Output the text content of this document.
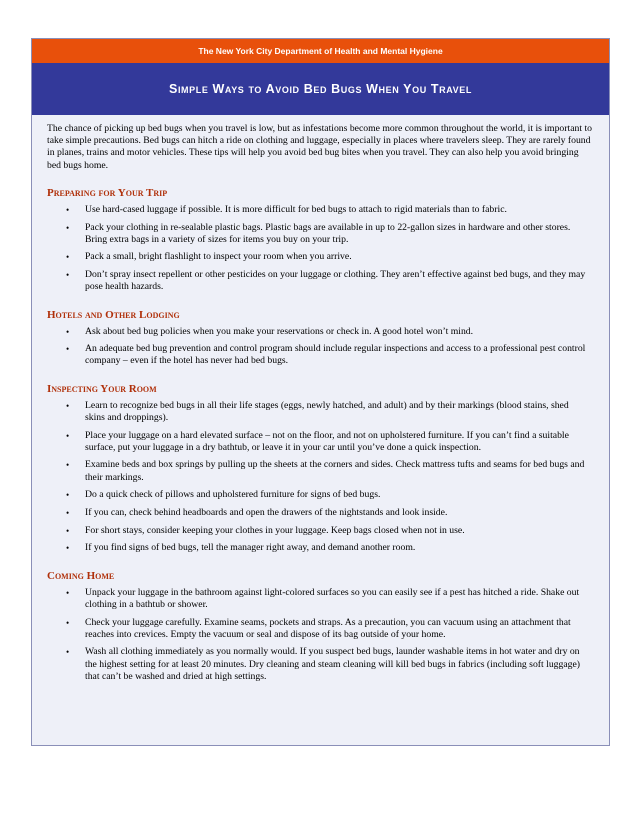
The New York City Department of Health and Mental Hygiene
Simple Ways to Avoid Bed Bugs When You Travel

The chance of picking up bed bugs when you travel is low, but as infestations become more common throughout the world, it is important to take simple precautions. Bed bugs can hitch a ride on clothing and luggage, especially in places where travelers sleep. They are rarely found in planes, trains and motor vehicles. These tips will help you avoid bed bug bites when you travel. They can also help you avoid bringing bed bugs home.

Preparing for Your Trip
• Use hard-cased luggage if possible. It is more difficult for bed bugs to attach to rigid materials than to fabric.
• Pack your clothing in re-sealable plastic bags. Plastic bags are available in up to 22-gallon sizes in hardware and other stores. Bring extra bags in a variety of sizes for items you buy on your trip.
• Pack a small, bright flashlight to inspect your room when you arrive.
• Don’t spray insect repellent or other pesticides on your luggage or clothing. They aren’t effective against bed bugs, and they may pose health hazards.
Hotels and Other Lodging
• Ask about bed bug policies when you make your reservations or check in. A good hotel won’t mind.
• An adequate bed bug prevention and control program should include regular inspections and access to a professional pest control company – even if the hotel has never had bed bugs.
Inspecting Your Room
• Learn to recognize bed bugs in all their life stages (eggs, newly hatched, and adult) and by their markings (blood stains, shed skins and droppings).
• Place your luggage on a hard elevated surface – not on the floor, and not on upholstered furniture. If you can’t find a suitable surface, put your luggage in a dry bathtub, or leave it in your car until you’ve done a quick inspection.
• Examine beds and box springs by pulling up the sheets at the corners and sides. Check mattress tufts and seams for bed bugs and their markings.
• Do a quick check of pillows and upholstered furniture for signs of bed bugs.
• If you can, check behind headboards and open the drawers of the nightstands and look inside.
• For short stays, consider keeping your clothes in your luggage. Keep bags closed when not in use.
• If you find signs of bed bugs, tell the manager right away, and demand another room.
Coming Home
• Unpack your luggage in the bathroom against light-colored surfaces so you can easily see if a pest has hitched a ride. Shake out clothing in a bathtub or shower.
• Check your luggage carefully. Examine seams, pockets and straps. As a precaution, you can vacuum using an attachment that reaches into crevices. Empty the vacuum or seal and dispose of its bag outside of your home.
• Wash all clothing immediately as you normally would. If you suspect bed bugs, launder washable items in hot water and dry on the highest setting for at least 20 minutes. Dry cleaning and steam cleaning will kill bed bugs in fabrics (including soft luggage) that can’t be washed and dried at high settings.
